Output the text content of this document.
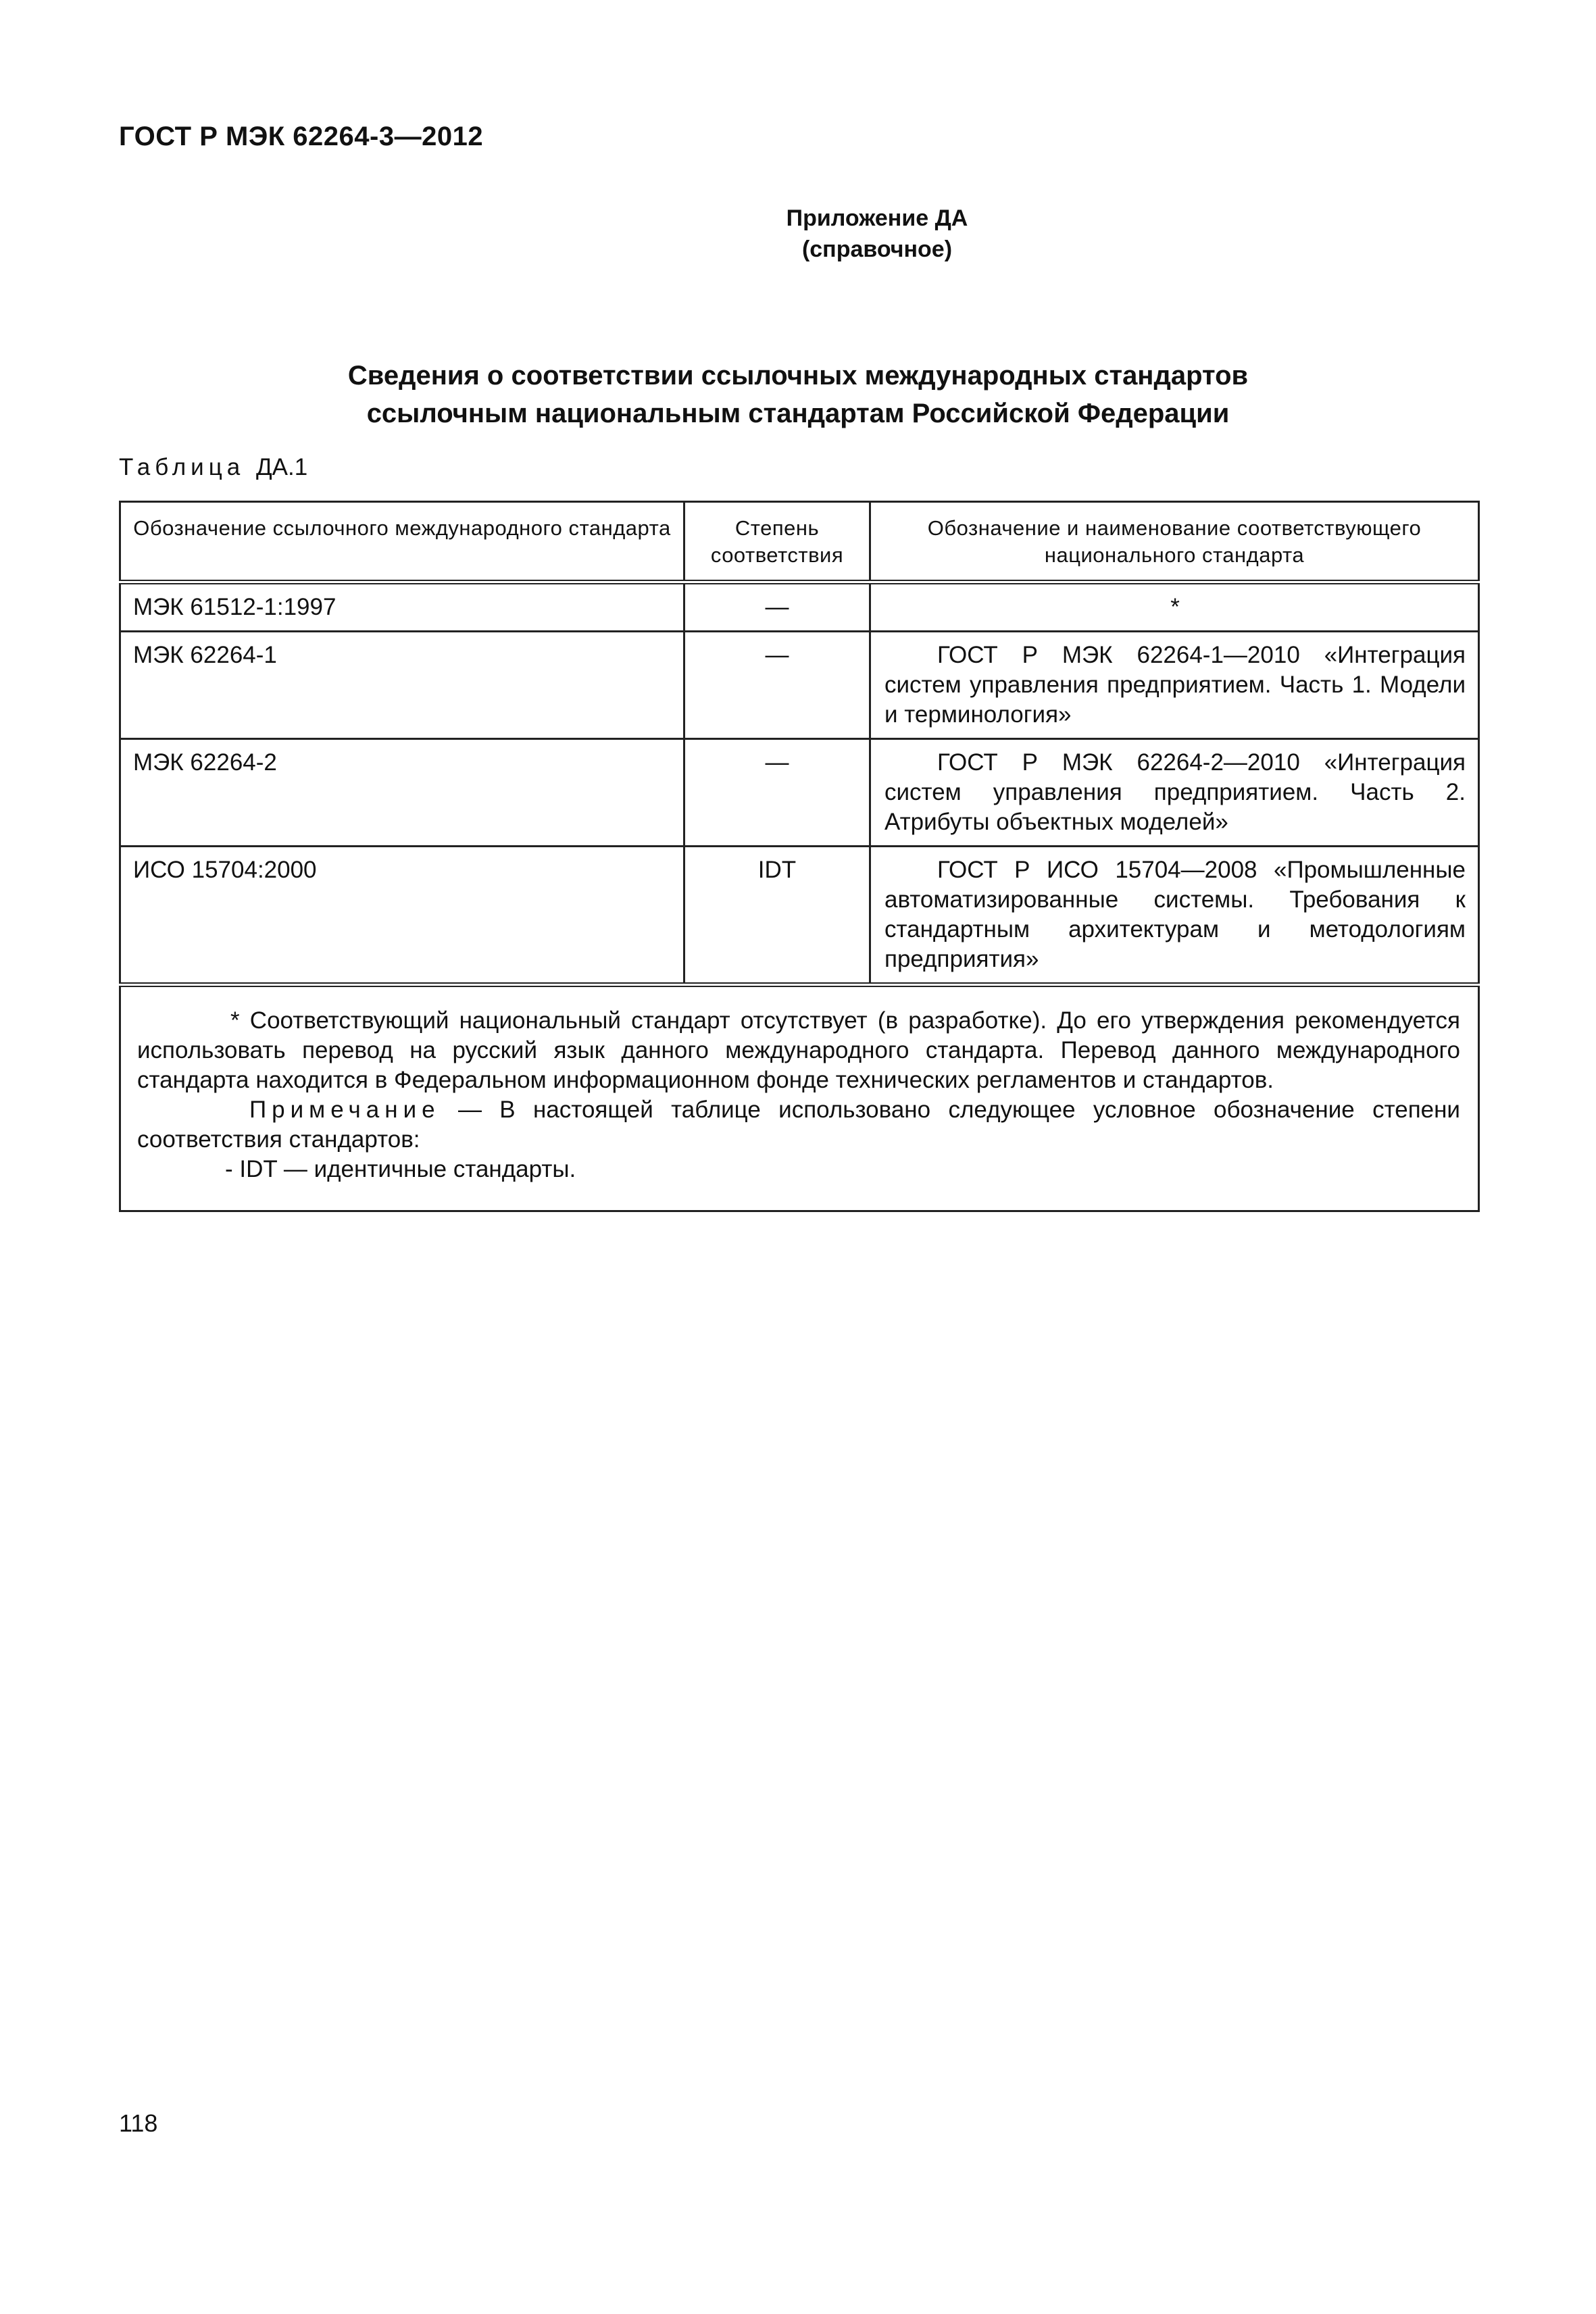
ГОСТ Р МЭК 62264-3—2012
Приложение ДА
(справочное)
Сведения о соответствии ссылочных международных стандартов
ссылочным национальным стандартам Российской Федерации
Таблица ДА.1
Обозначение ссылочного международного стандарта	Степень соответствия	Обозначение и наименование соответствующего национального стандарта
МЭК 61512-1:1997	—	*
МЭК 62264-1	—	ГОСТ Р МЭК 62264-1—2010 «Интеграция систем управления предприятием. Часть 1. Модели и терминология»
МЭК 62264-2	—	ГОСТ Р МЭК 62264-2—2010 «Интеграция систем управления предприятием. Часть 2. Атрибуты объектных моделей»
ИСО 15704:2000	IDT	ГОСТ Р ИСО 15704—2008 «Промышленные автоматизированные системы. Требования к стандартным архитектурам и методологиям предприятия»

* Соответствующий национальный стандарт отсутствует (в разработке). До его утверждения рекомендуется использовать перевод на русский язык данного международного стандарта. Перевод данного международного стандарта находится в Федеральном информационном фонде технических регламентов и стандартов.

Примечание — В настоящей таблице использовано следующее условное обозначение степени соответствия стандартов:

- IDT — идентичные стандарты.		

118
